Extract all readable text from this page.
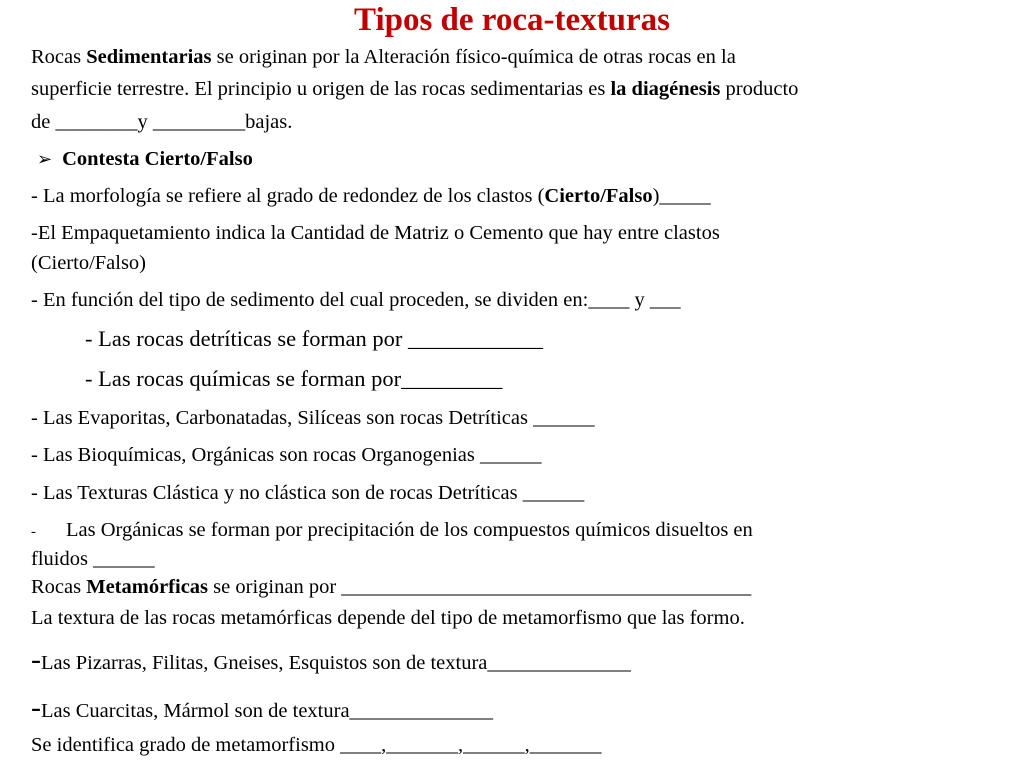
Tipos de roca-texturas
Rocas Sedimentarias se originan por la Alteración físico-química de otras rocas en la
superficie terrestre. El principio u origen de las rocas sedimentarias es la diagénesis producto
de ________y _________bajas.
➢ Contesta Cierto/Falso
- La morfología se refiere al grado de redondez de los clastos (Cierto/Falso)_____
-El Empaquetamiento indica la Cantidad de Matriz o Cemento que hay entre clastos
(Cierto/Falso)
- En función del tipo de sedimento del cual proceden, se dividen en:____ y ___
- Las rocas detríticas se forman por ____________
- Las rocas químicas se forman por_________
- Las Evaporitas, Carbonatadas, Silíceas son rocas Detríticas ______
- Las Bioquímicas, Orgánicas son rocas Organogenias ______
- Las Texturas Clástica y no clástica son de rocas Detríticas ______
- Las Orgánicas se forman por precipitación de los compuestos químicos disueltos en
fluidos ______
Rocas Metamórficas se originan por ________________________________________
La textura de las rocas metamórficas depende del tipo de metamorfismo que las formo.
-Las Pizarras, Filitas, Gneises, Esquistos son de textura______________
-Las Cuarcitas, Mármol son de textura______________
Se identifica grado de metamorfismo ____,_______,______,_______
